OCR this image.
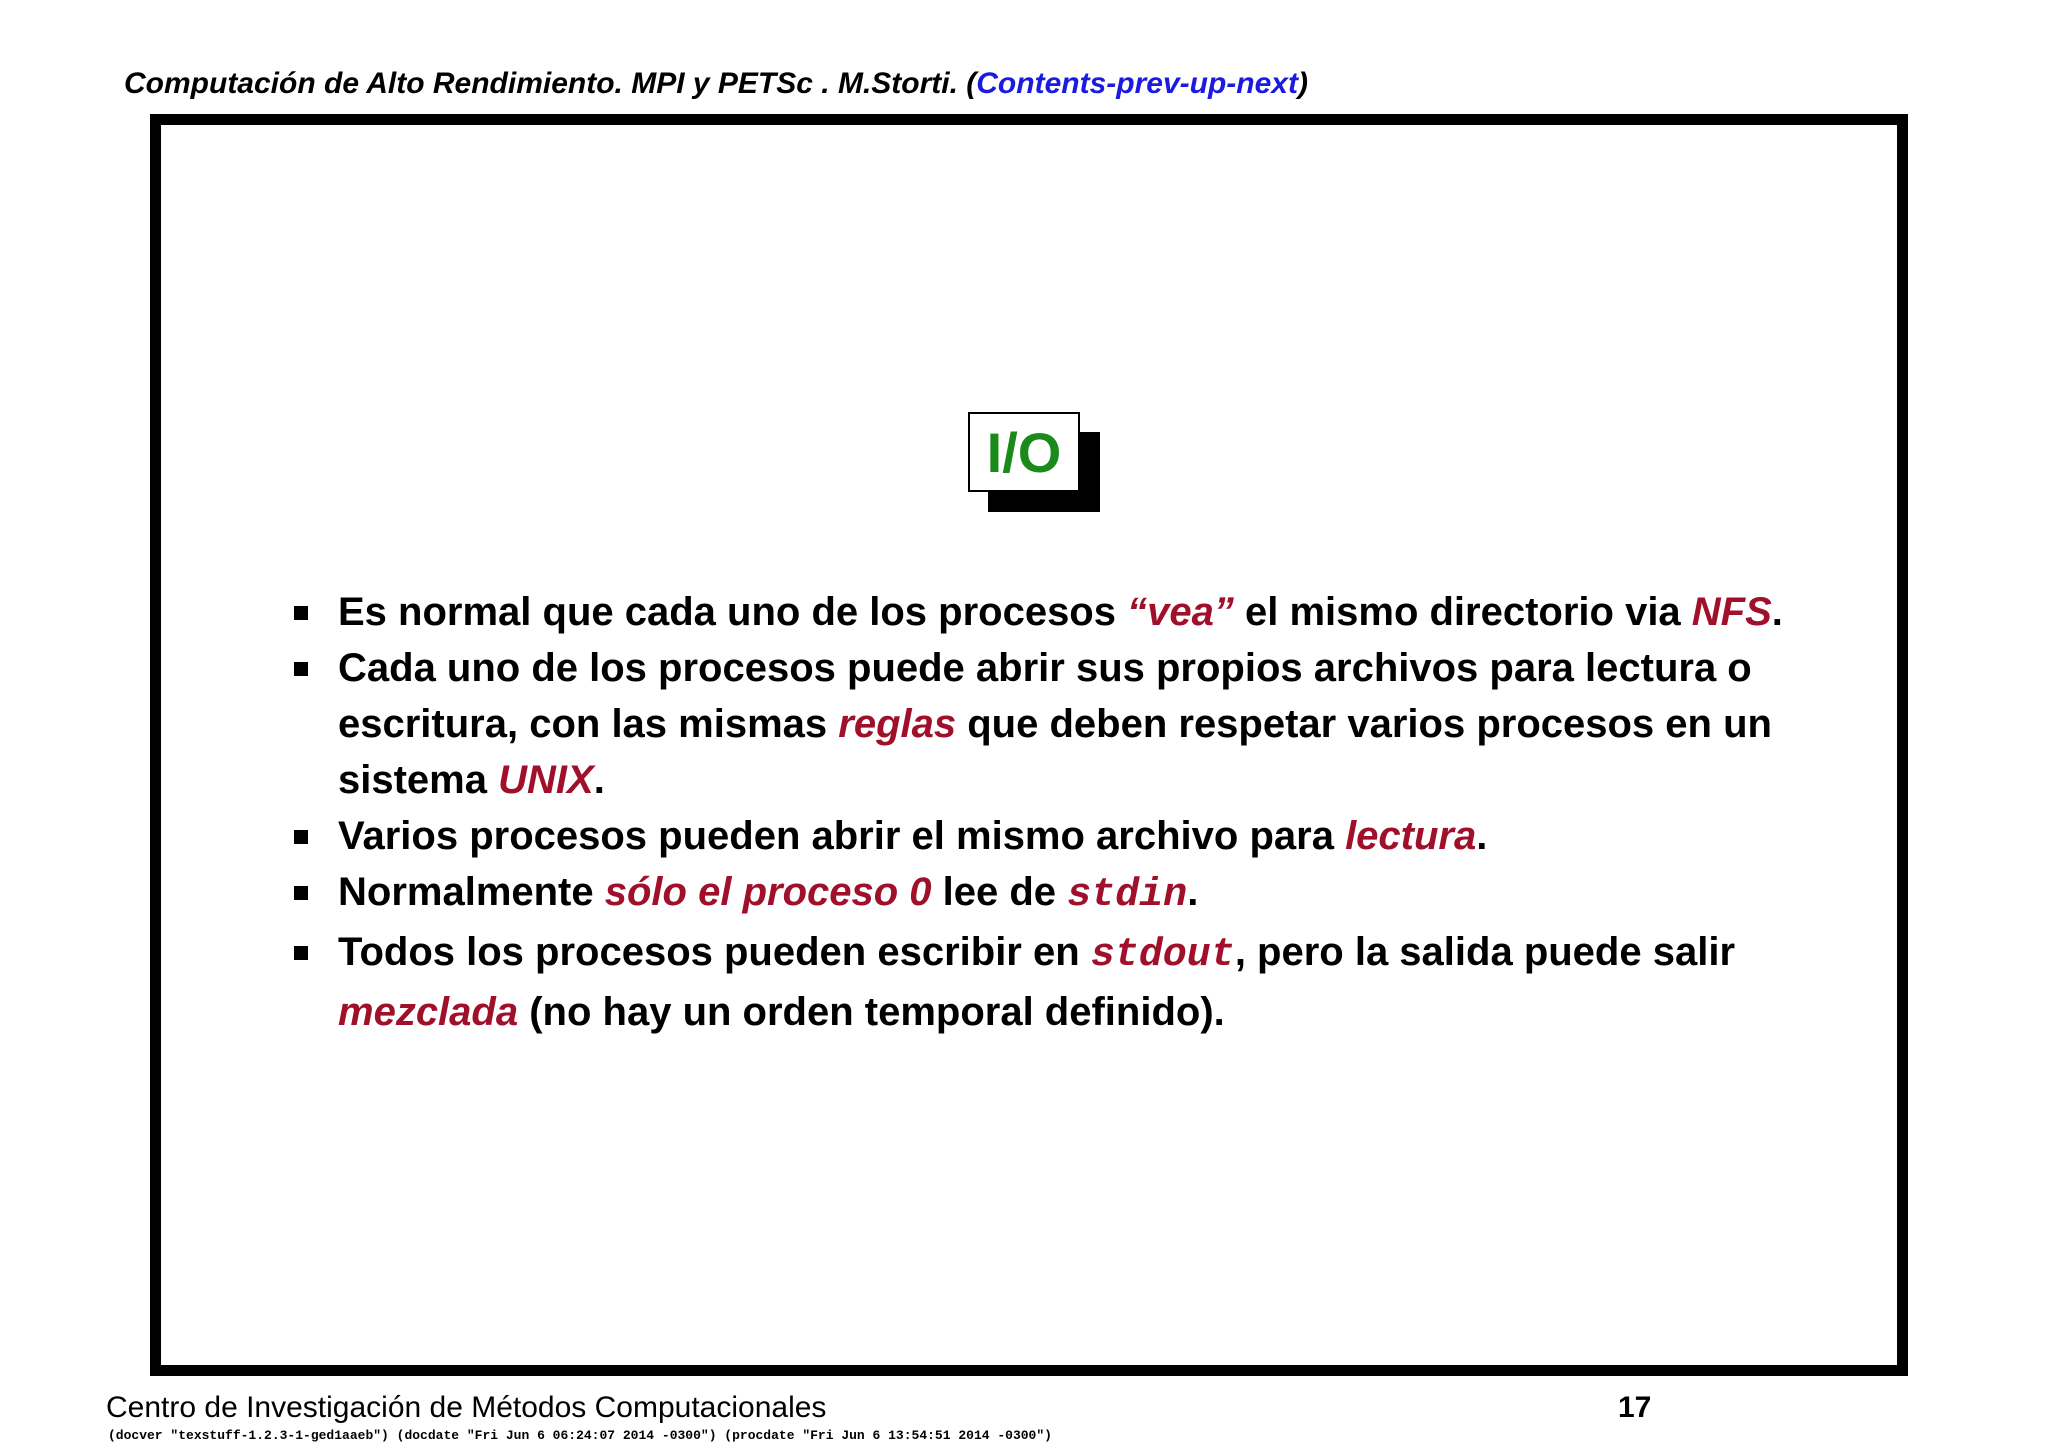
Computación de Alto Rendimiento. MPI y PETSc . M.Storti. (Contents-prev-up-next)
I/O
Es normal que cada uno de los procesos “vea” el mismo directorio via NFS.
Cada uno de los procesos puede abrir sus propios archivos para lectura o escritura, con las mismas reglas que deben respetar varios procesos en un sistema UNIX.
Varios procesos pueden abrir el mismo archivo para lectura.
Normalmente sólo el proceso 0 lee de stdin.
Todos los procesos pueden escribir en stdout, pero la salida puede salir mezclada (no hay un orden temporal definido).
Centro de Investigación de Métodos Computacionales	17
(docver "texstuff-1.2.3-1-ged1aaeb") (docdate "Fri Jun 6 06:24:07 2014 -0300") (procdate "Fri Jun 6 13:54:51 2014 -0300")
